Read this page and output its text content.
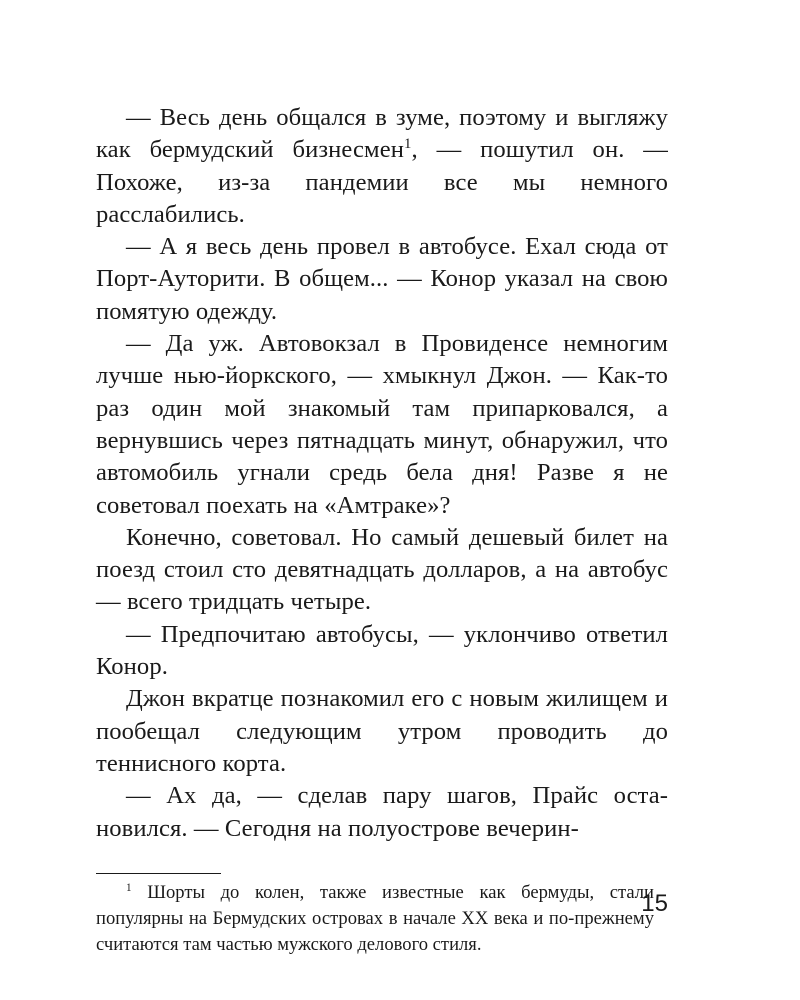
— Весь день общался в зуме, поэтому и выгляжу как бермудский бизнесмен$^1$, — пошутил он. — Похоже, из-за пандемии все мы немного расслабились.

— А я весь день провел в автобусе. Ехал сюда от Порт-Ауторити. В общем... — Конор указал на свою помятую одежду.

— Да уж. Автовокзал в Провиденсе немногим лучше нью-йоркского, — хмыкнул Джон. — Как-то раз один мой знакомый там припарковался, а вернувшись через пятнадцать минут, обнаружил, что автомобиль угнали средь бела дня! Разве я не советовал поехать на «Амтраке»?

Конечно, советовал. Но самый дешевый билет на поезд стоил сто девятнадцать долларов, а на автобус — всего тридцать четыре.

— Предпочитаю автобусы, — уклончиво ответил Конор.

Джон вкратце познакомил его с новым жилищем и пообещал следующим утром проводить до теннисного корта.

— Ах да, — сделав пару шагов, Прайс остановился. — Сегодня на полуострове вечерин-

$^1$ Шорты до колен, также известные как бермуды, стали популярны на Бермудских островах в начале XX века и по-прежнему считаются там частью мужского делового стиля.

15
